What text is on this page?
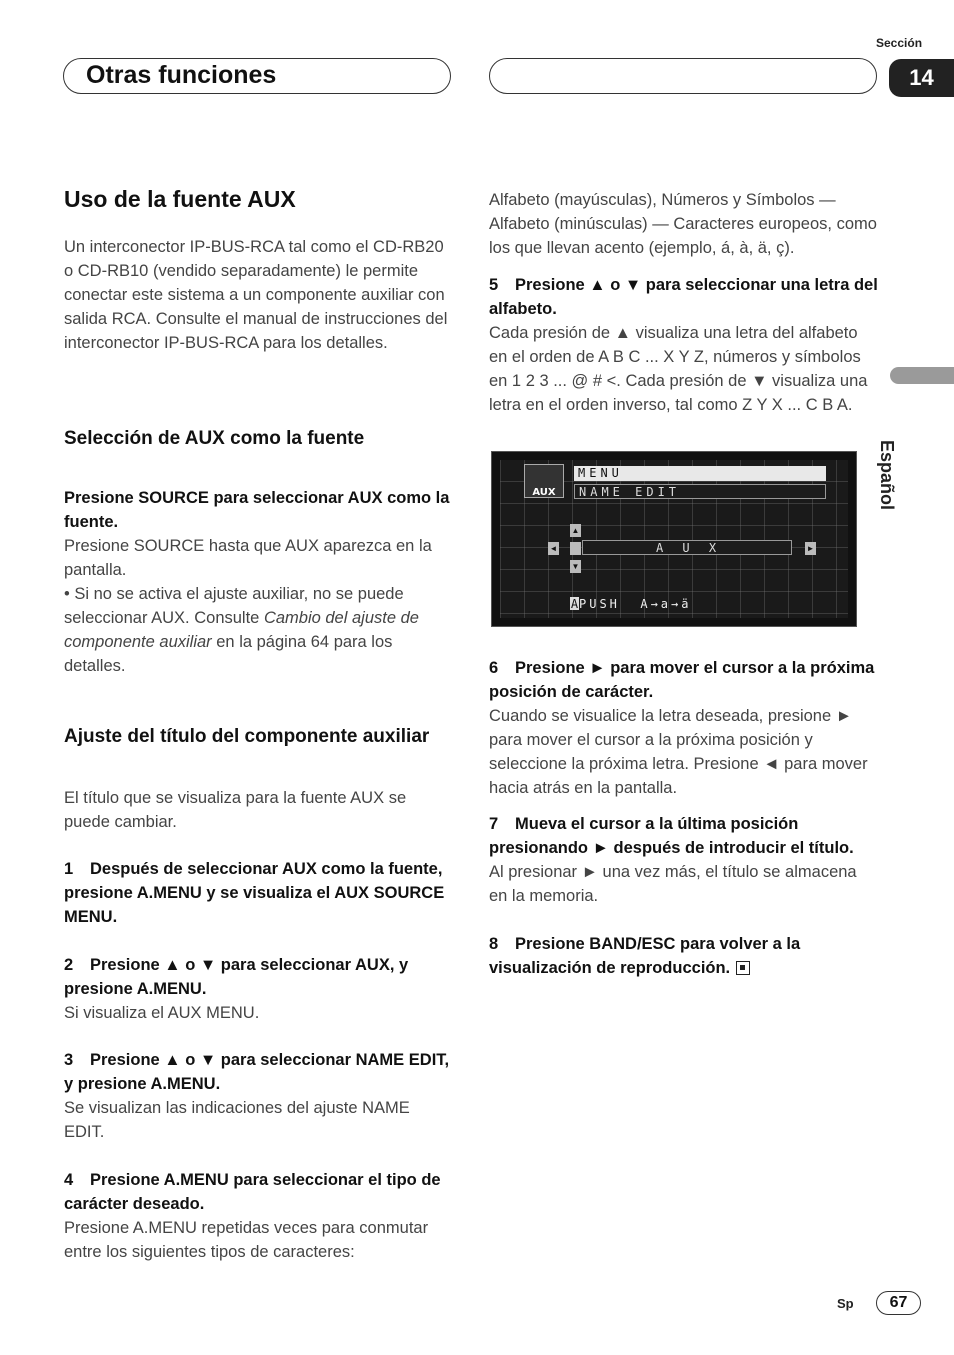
Sección
Otras funciones	14
Español
Uso de la fuente AUX

Un interconector IP-BUS-RCA tal como el CD-RB20 o CD-RB10 (vendido separadamente) le permite conectar este sistema a un componente auxiliar con salida RCA. Consulte el manual de instrucciones del interconector IP-BUS-RCA para los detalles.

Selección de AUX como la fuente

Presione SOURCE para seleccionar AUX como la fuente.

Presione SOURCE hasta que AUX aparezca en la pantalla.

• Si no se activa el ajuste auxiliar, no se puede seleccionar AUX. Consulte Cambio del ajuste de componente auxiliar en la página 64 para los detalles.

Ajuste del título del componente auxiliar

El título que se visualiza para la fuente AUX se puede cambiar.

1 Después de seleccionar AUX como la fuente, presione A.MENU y se visualiza el AUX SOURCE MENU.

2 Presione ▲ o ▼ para seleccionar AUX, y presione A.MENU.

Si visualiza el AUX MENU.

3 Presione ▲ o ▼ para seleccionar NAME EDIT, y presione A.MENU.

Se visualizan las indicaciones del ajuste NAME EDIT.

4 Presione A.MENU para seleccionar el tipo de carácter deseado.

Presione A.MENU repetidas veces para conmutar entre los siguientes tipos de caracteres:

Alfabeto (mayúsculas), Números y Símbolos — Alfabeto (minúsculas) — Caracteres europeos, como los que llevan acento (ejemplo, á, à, ä, ç).

5 Presione ▲ o ▼ para seleccionar una letra del alfabeto.

Cada presión de ▲ visualiza una letra del alfabeto en el orden de A B C ... X Y Z, números y símbolos en 1 2 3 ... @ # <. Cada presión de ▼ visualiza una letra en el orden inverso, tal como Z Y X ... C B A.

AUX
MENU
NAME EDIT
▲
▼
◄	►
A U X
APUSH A→a→ä

6 Presione ► para mover el cursor a la próxima posición de carácter.

Cuando se visualice la letra deseada, presione ► para mover el cursor a la próxima posición y seleccione la próxima letra. Presione ◄ para mover hacia atrás en la pantalla.

7 Mueva el cursor a la última posición presionando ► después de introducir el título.

Al presionar ► una vez más, el título se almacena en la memoria.

8 Presione BAND/ESC para volver a la visualización de reproducción.

Sp	67
